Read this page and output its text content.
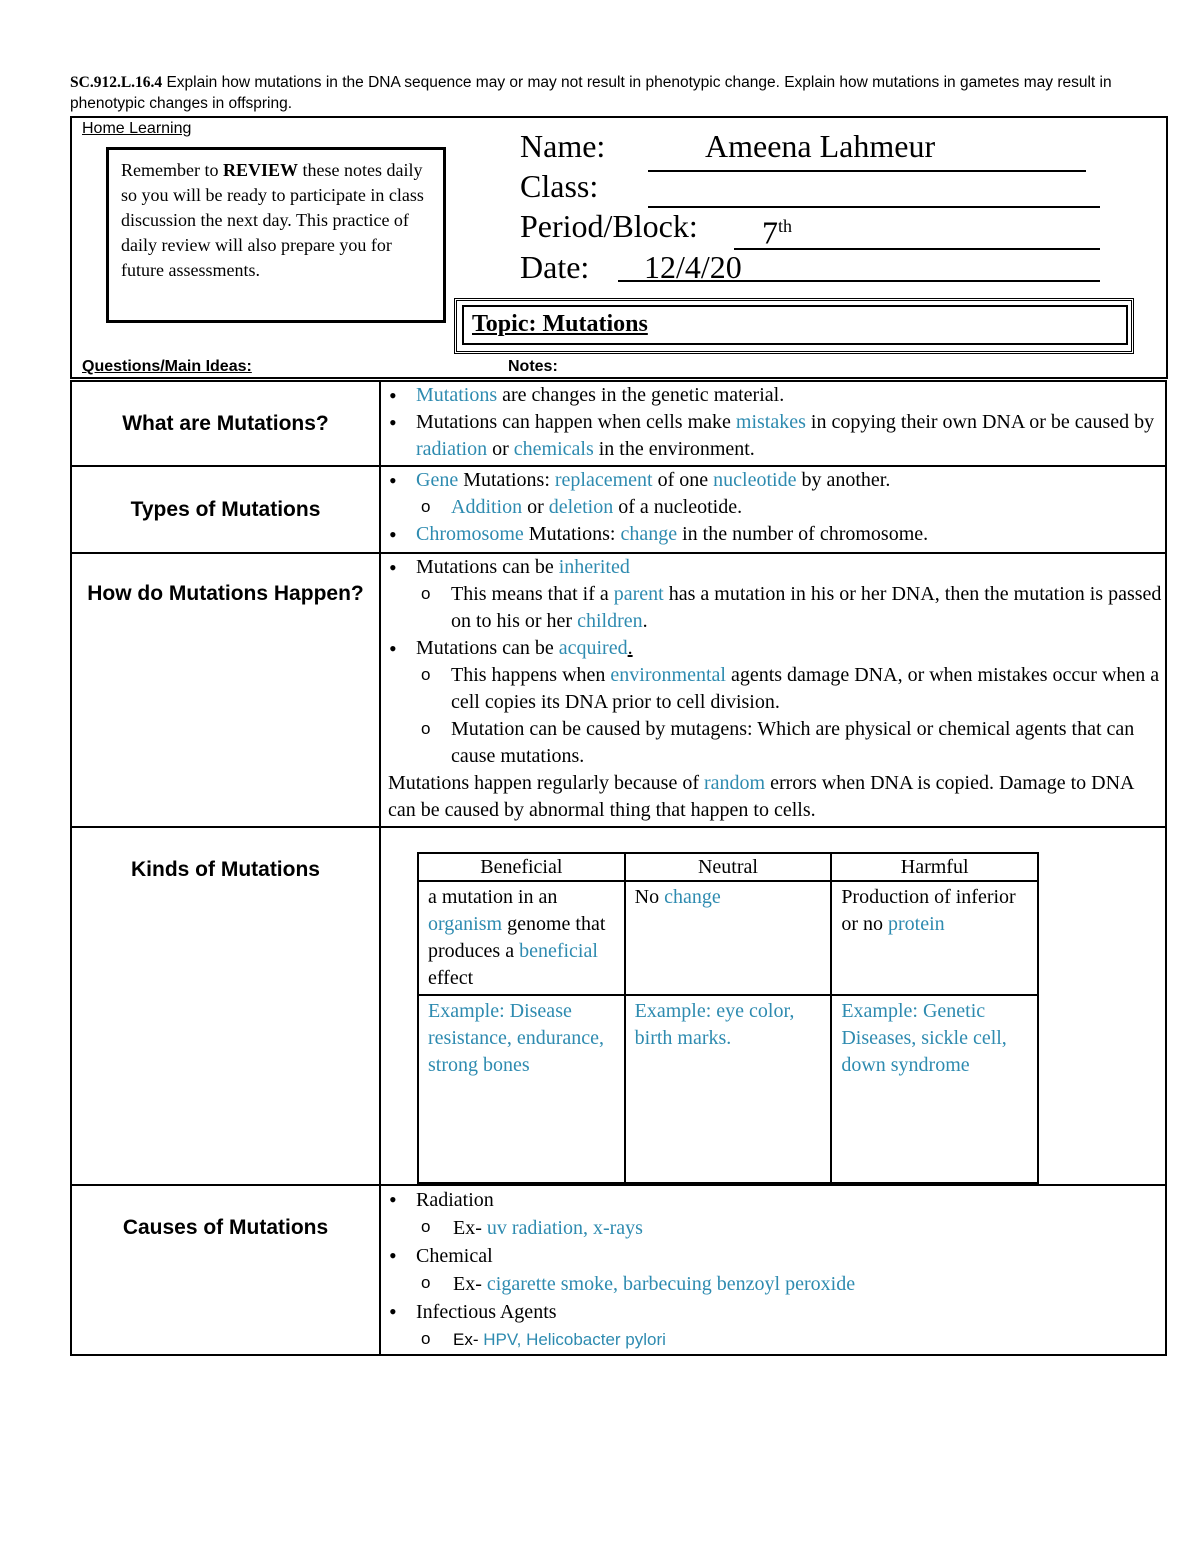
SC.912.L.16.4 Explain how mutations in the DNA sequence may or may not result in phenotypic change. Explain how mutations in gametes may result in phenotypic changes in offspring.
Home Learning
Remember to REVIEW these notes daily so you will be ready to participate in class discussion the next day. This practice of daily review will also prepare you for future assessments.
Name:	Ameena Lahmeur
Class:
Period/Block: 7th
Date: 12/4/20
Topic: Mutations
Questions/Main Ideas:	Notes:
What are Mutations?	
• Mutations are changes in the genetic material.
• Mutations can happen when cells make mistakes in copying their own DNA or be caused by radiation or chemicals in the environment.

Types of Mutations	
• Gene Mutations: replacement of one nucleotide by another.
o Addition or deletion of a nucleotide.
• Chromosome Mutations: change in the number of chromosome.

How do Mutations Happen?	
• Mutations can be inherited
o This means that if a parent has a mutation in his or her DNA, then the mutation is passed on to his or her children.
• Mutations can be acquired.
o This happens when environmental agents damage DNA, or when mistakes occur when a cell copies its DNA prior to cell division.
o Mutation can be caused by mutagens: Which are physical or chemical agents that can cause mutations.
Mutations happen regularly because of random errors when DNA is copied. Damage to DNA can be caused by abnormal thing that happen to cells.

Kinds of Mutations		Beneficial	Neutral	Harmful
a mutation in an organism genome that produces a beneficial effect	No change	Production of inferior or no protein
Example: Disease resistance, endurance, strong bones	Example: eye color, birth marks.	Example: Genetic Diseases, sickle cell, down syndrome

Causes of Mutations	
• Radiation
o Ex- uv radiation, x-rays
• Chemical
o Ex- cigarette smoke, barbecuing benzoyl peroxide
• Infectious Agents
o Ex- HPV, Helicobacter pylori
